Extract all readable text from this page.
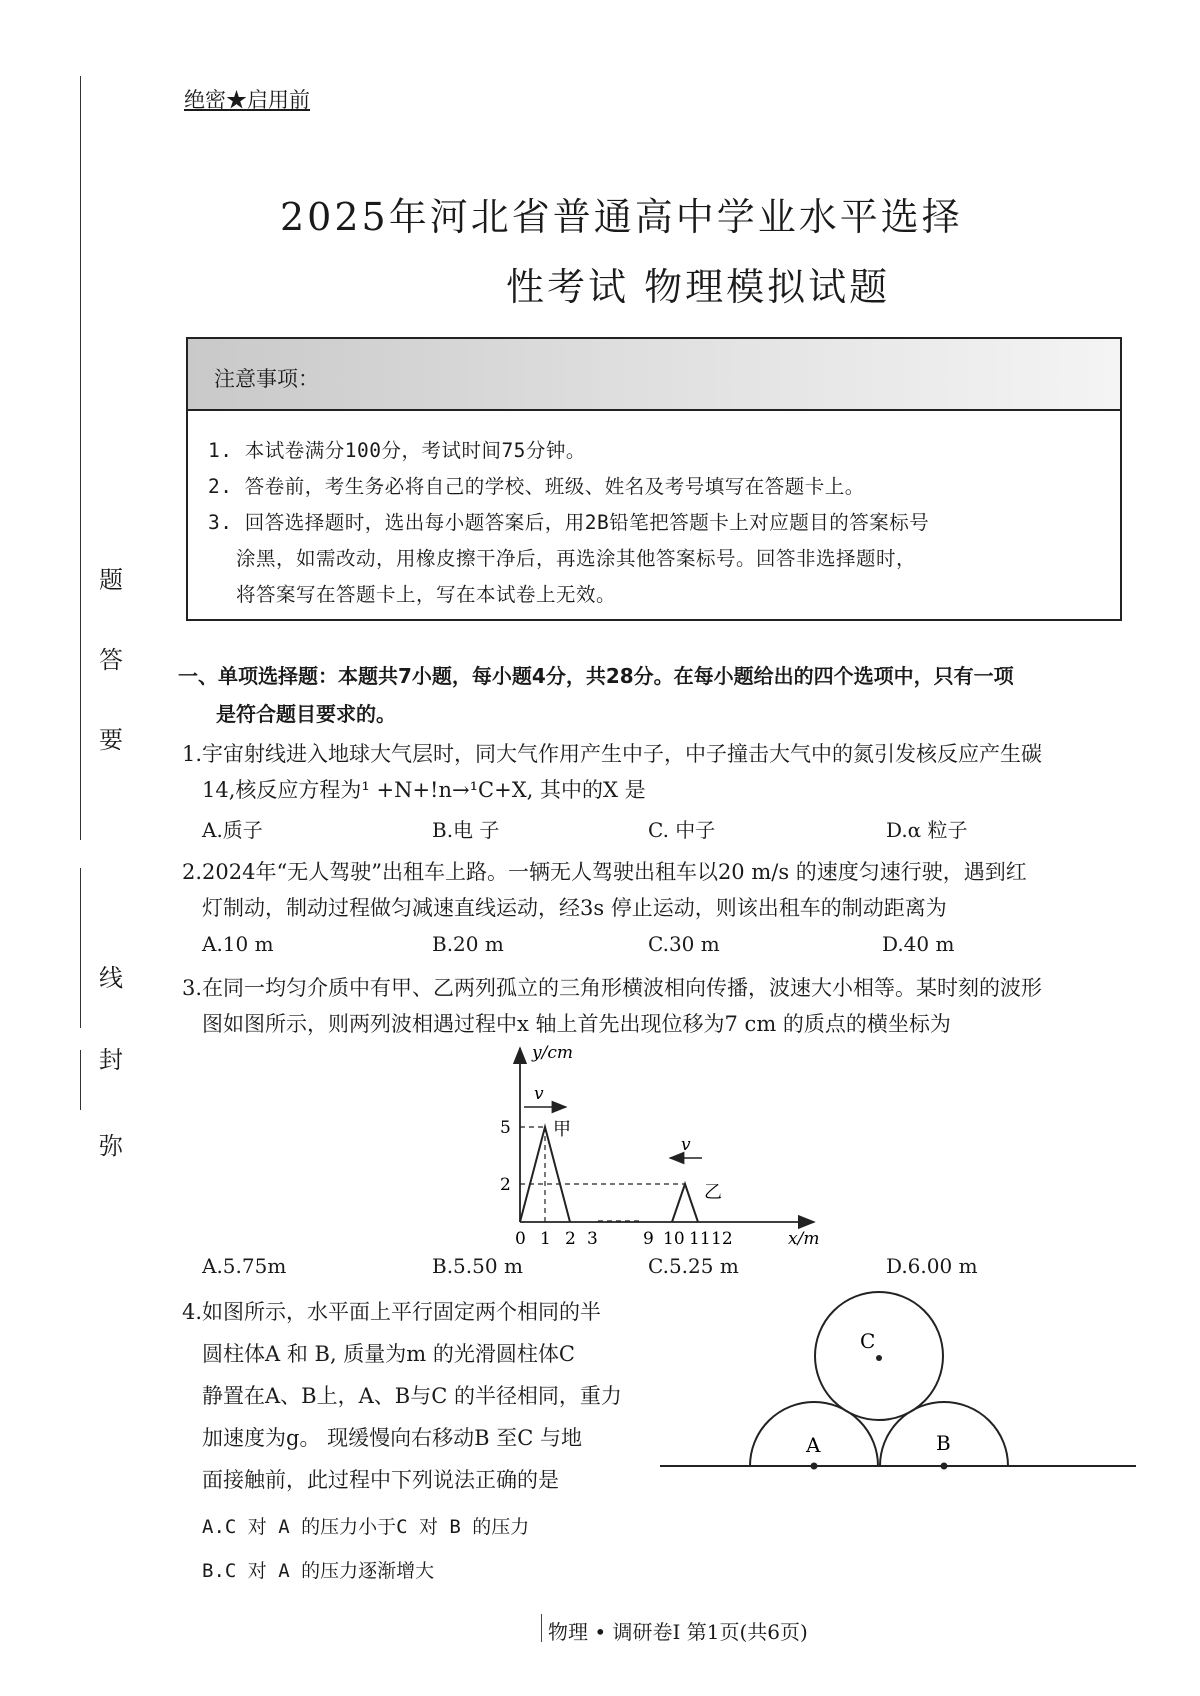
题
答
要
线
封
弥
绝密★启用前
2025年河北省普通高中学业水平选择
性考试 物理模拟试题
注意事项：
1. 本试卷满分100分，考试时间75分钟。
2. 答卷前，考生务必将自己的学校、班级、姓名及考号填写在答题卡上。
3. 回答选择题时，选出每小题答案后，用2B铅笔把答题卡上对应题目的答案标号
涂黑，如需改动，用橡皮擦干净后，再选涂其他答案标号。回答非选择题时，
将答案写在答题卡上，写在本试卷上无效。
一、单项选择题：本题共7小题，每小题4分，共28分。在每小题给出的四个选项中，只有一项
是符合题目要求的。
1.宇宙射线进入地球大气层时，同大气作用产生中子，中子撞击大气中的氮引发核反应产生碳
14,核反应方程为¹ +N+!n→¹C+X, 其中的X 是
A.质子	B.电 子	C. 中子	D.α 粒子
2.2024年“无人驾驶”出租车上路。一辆无人驾驶出租车以20 m/s 的速度匀速行驶，遇到红
灯制动，制动过程做匀减速直线运动，经3s 停止运动，则该出租车的制动距离为
A.10 m	B.20 m	C.30 m	D.40 m
3.在同一均匀介质中有甲、乙两列孤立的三角形横波相向传播，波速大小相等。某时刻的波形
图如图所示，则两列波相遇过程中x 轴上首先出现位移为7 cm 的质点的横坐标为
y/cm
x/m
v
v
甲
乙
5
2
0 1 2 3	9 10 11 12
A.5.75m	B.5.50 m	C.5.25 m	D.6.00 m
4.如图所示，水平面上平行固定两个相同的半
圆柱体A 和 B, 质量为m 的光滑圆柱体C
静置在A、B上，A、B与C 的半径相同，重力
加速度为g。 现缓慢向右移动B 至C 与地
面接触前，此过程中下列说法正确的是
A.C 对 A 的压力小于C 对 B 的压力
B.C 对 A 的压力逐渐增大
C
A	B
物理 • 调研卷I 第1页(共6页)
